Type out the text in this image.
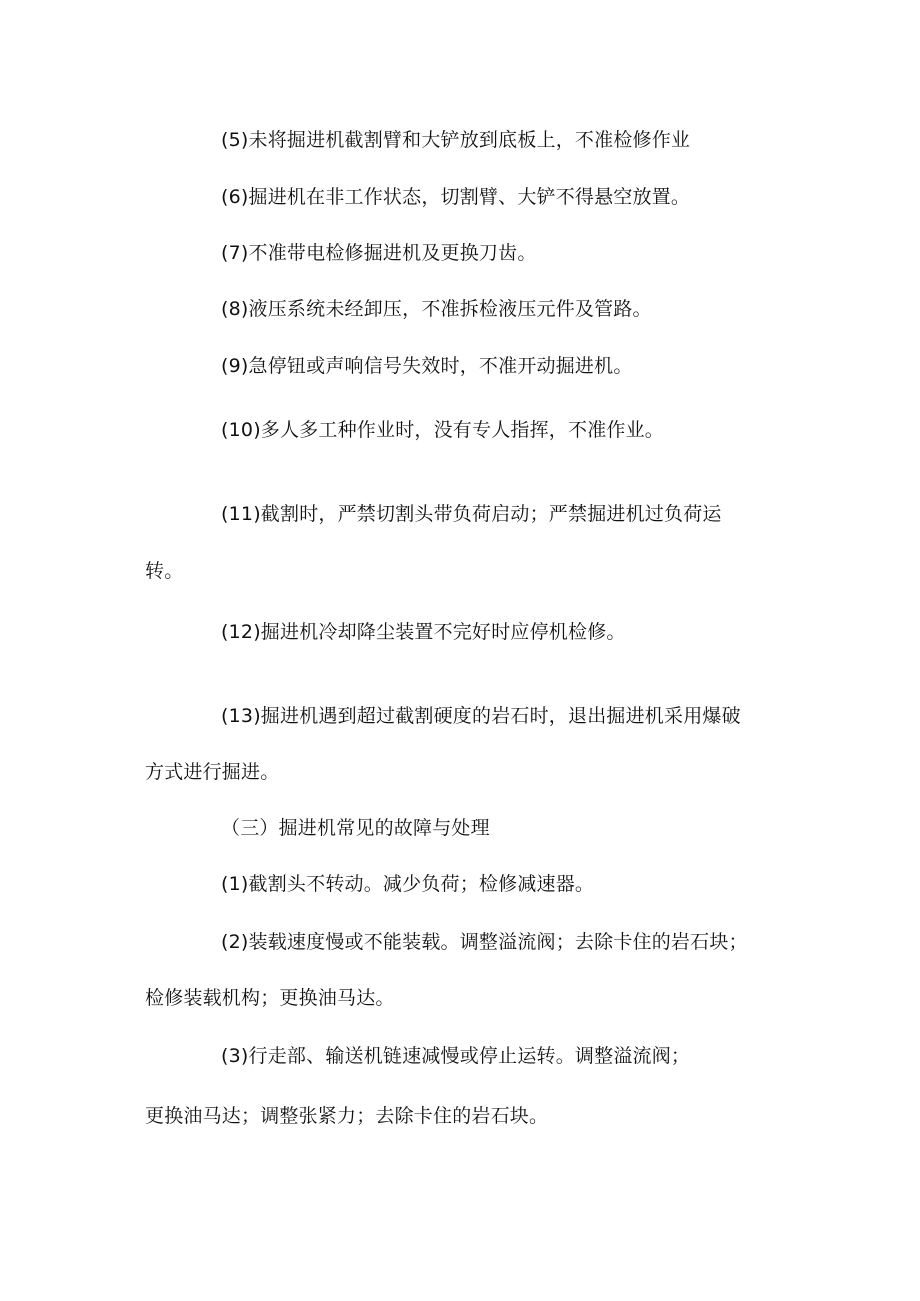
(5)未将掘进机截割臂和大铲放到底板上，不准检修作业
(6)掘进机在非工作状态，切割臂、大铲不得悬空放置。
(7)不准带电检修掘进机及更换刀齿。
(8)液压系统未经卸压，不准拆检液压元件及管路。
(9)急停钮或声响信号失效时，不准开动掘进机。
(10)多人多工种作业时，没有专人指挥，不准作业。
(11)截割时，严禁切割头带负荷启动；严禁掘进机过负荷运
转。
(12)掘进机冷却降尘装置不完好时应停机检修。
(13)掘进机遇到超过截割硬度的岩石时，退出掘进机采用爆破
方式进行掘进。
（三）掘进机常见的故障与处理
(1)截割头不转动。减少负荷；检修减速器。
(2)装载速度慢或不能装载。调整溢流阀；去除卡住的岩石块；
检修装载机构；更换油马达。
(3)行走部、输送机链速减慢或停止运转。调整溢流阀；
更换油马达；调整张紧力；去除卡住的岩石块。
